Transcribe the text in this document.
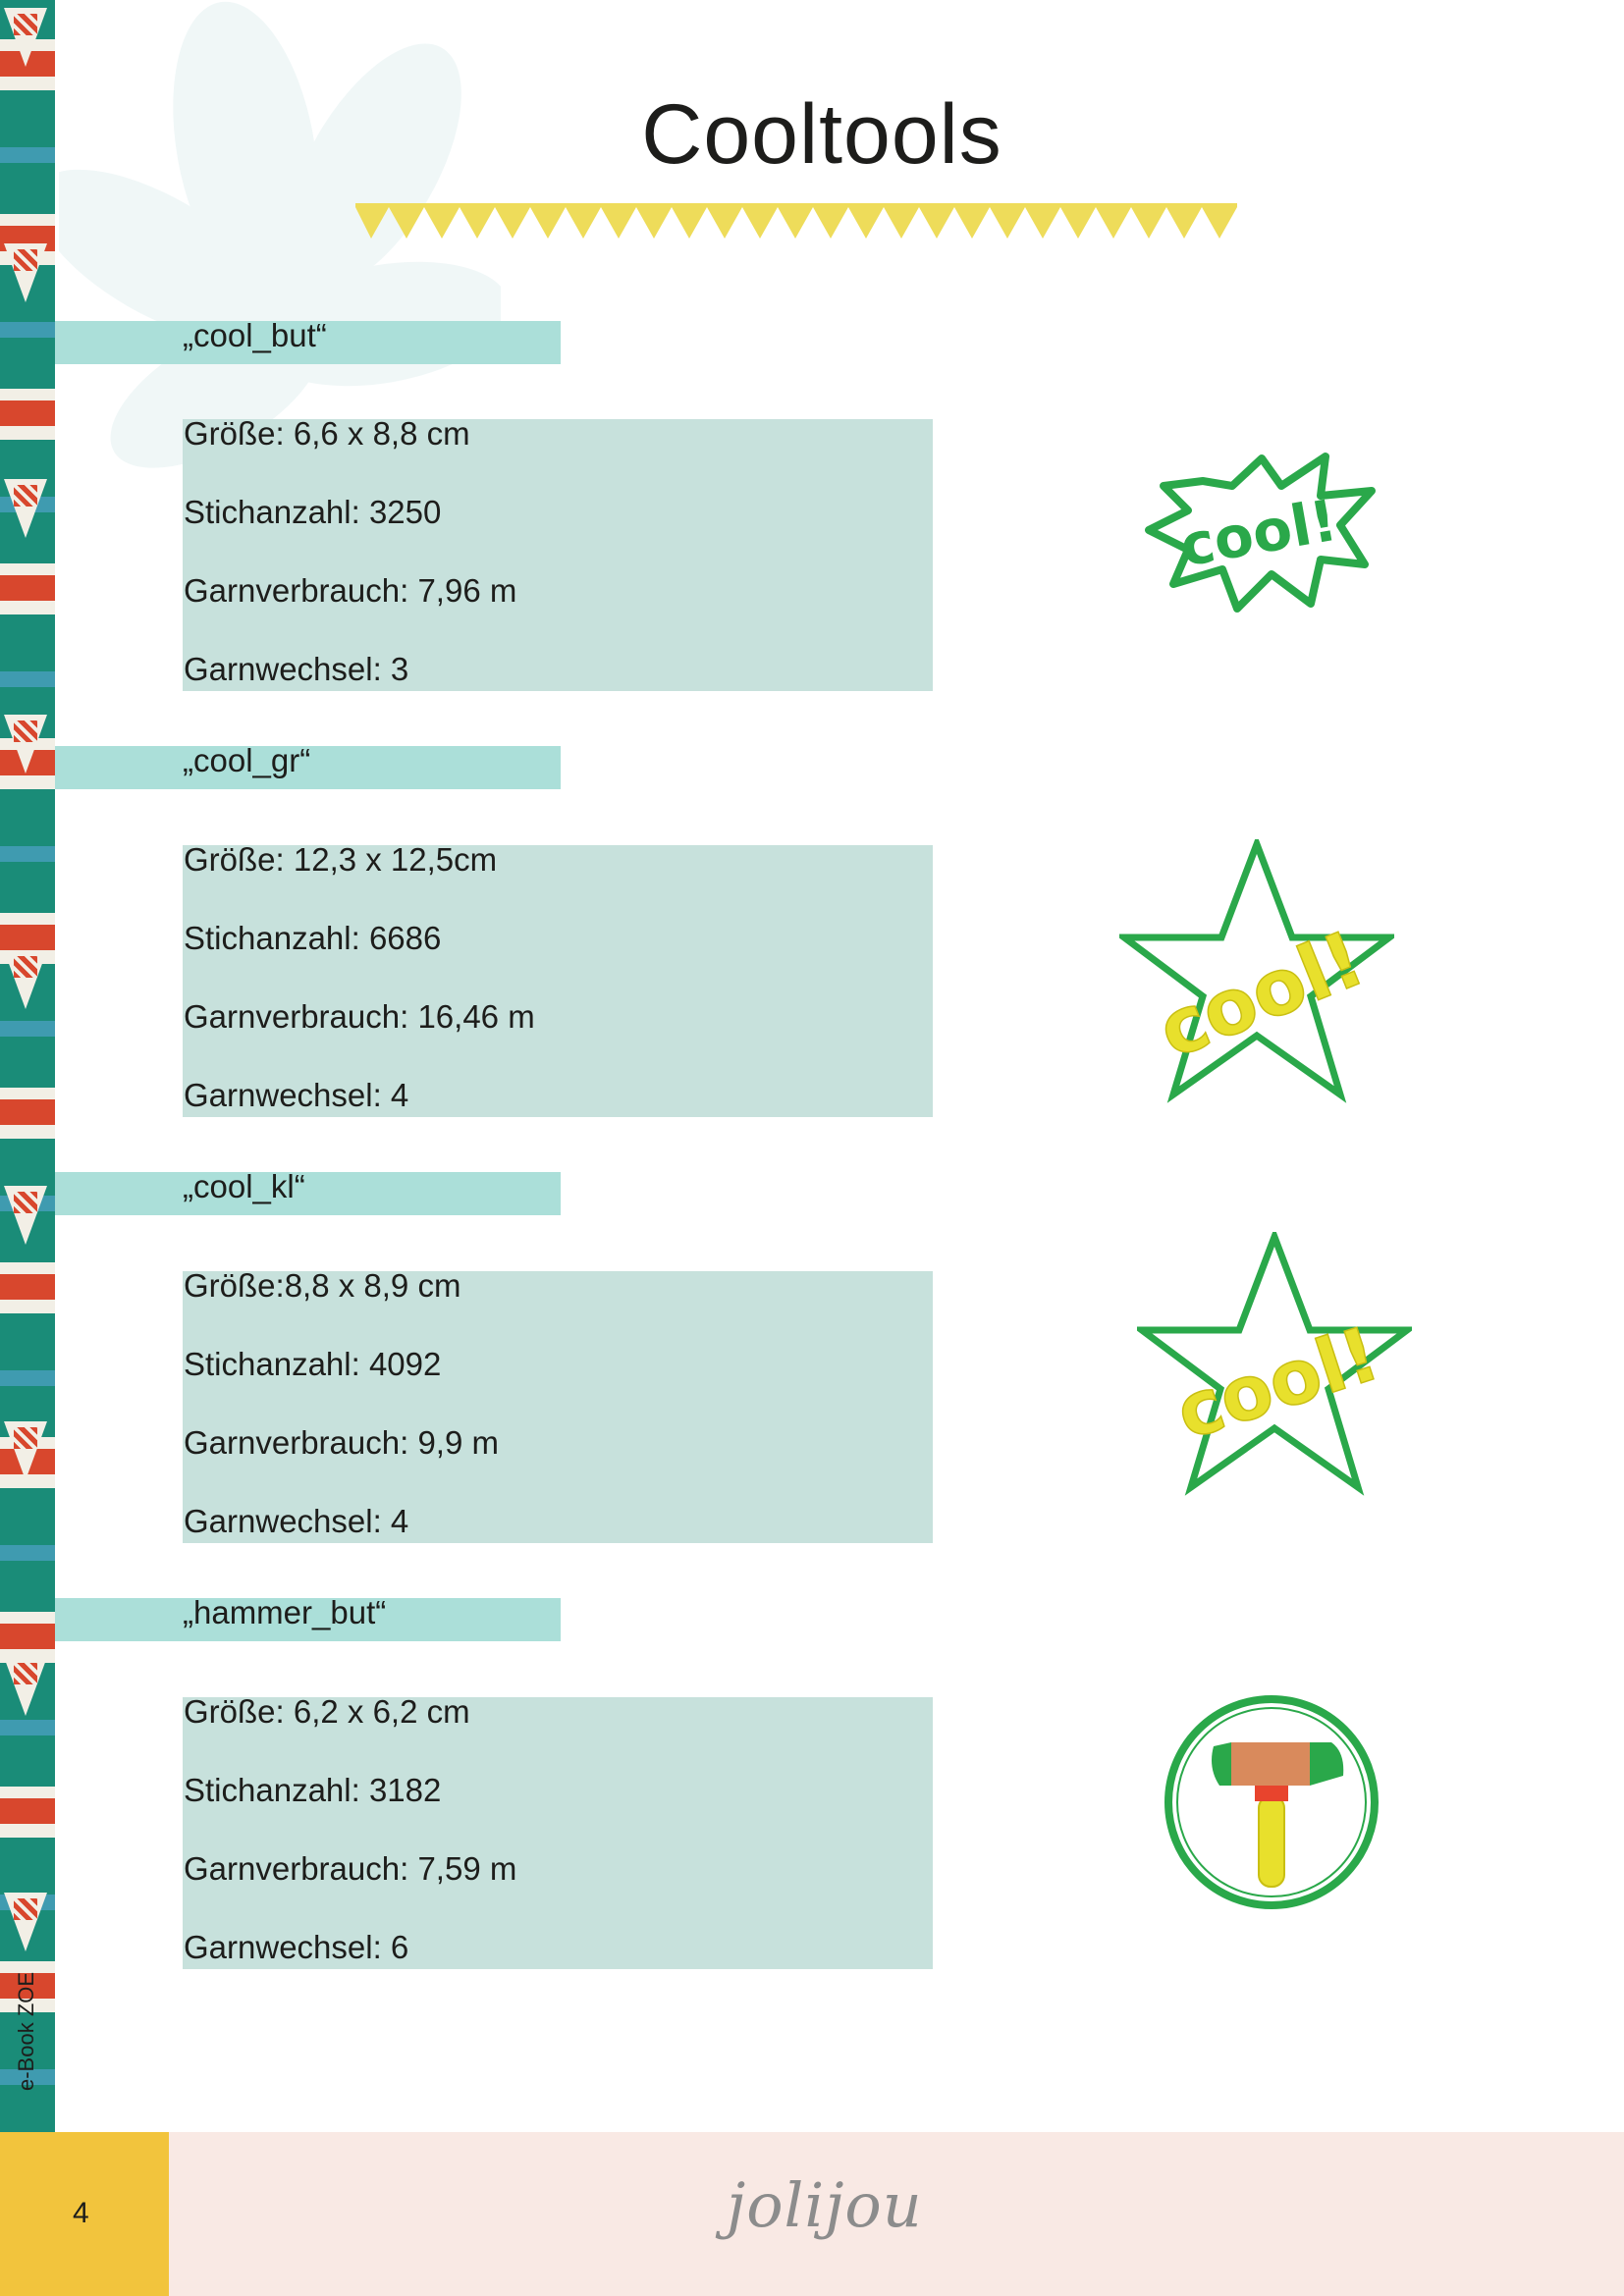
e-Book ZOE
Cooltools
„cool_but“
Größe: 6,6 x 8,8 cm
Stichanzahl: 3250
Garnverbrauch: 7,96 m
Garnwechsel: 3
cool!
„cool_gr“
Größe: 12,3 x 12,5cm
Stichanzahl: 6686
Garnverbrauch: 16,46 m
Garnwechsel: 4
cool!
„cool_kl“
Größe:8,8 x 8,9 cm
Stichanzahl: 4092
Garnverbrauch: 9,9 m
Garnwechsel: 4
cool!
„hammer_but“
Größe: 6,2 x 6,2 cm
Stichanzahl: 3182
Garnverbrauch: 7,59 m
Garnwechsel: 6
4	jolijou
